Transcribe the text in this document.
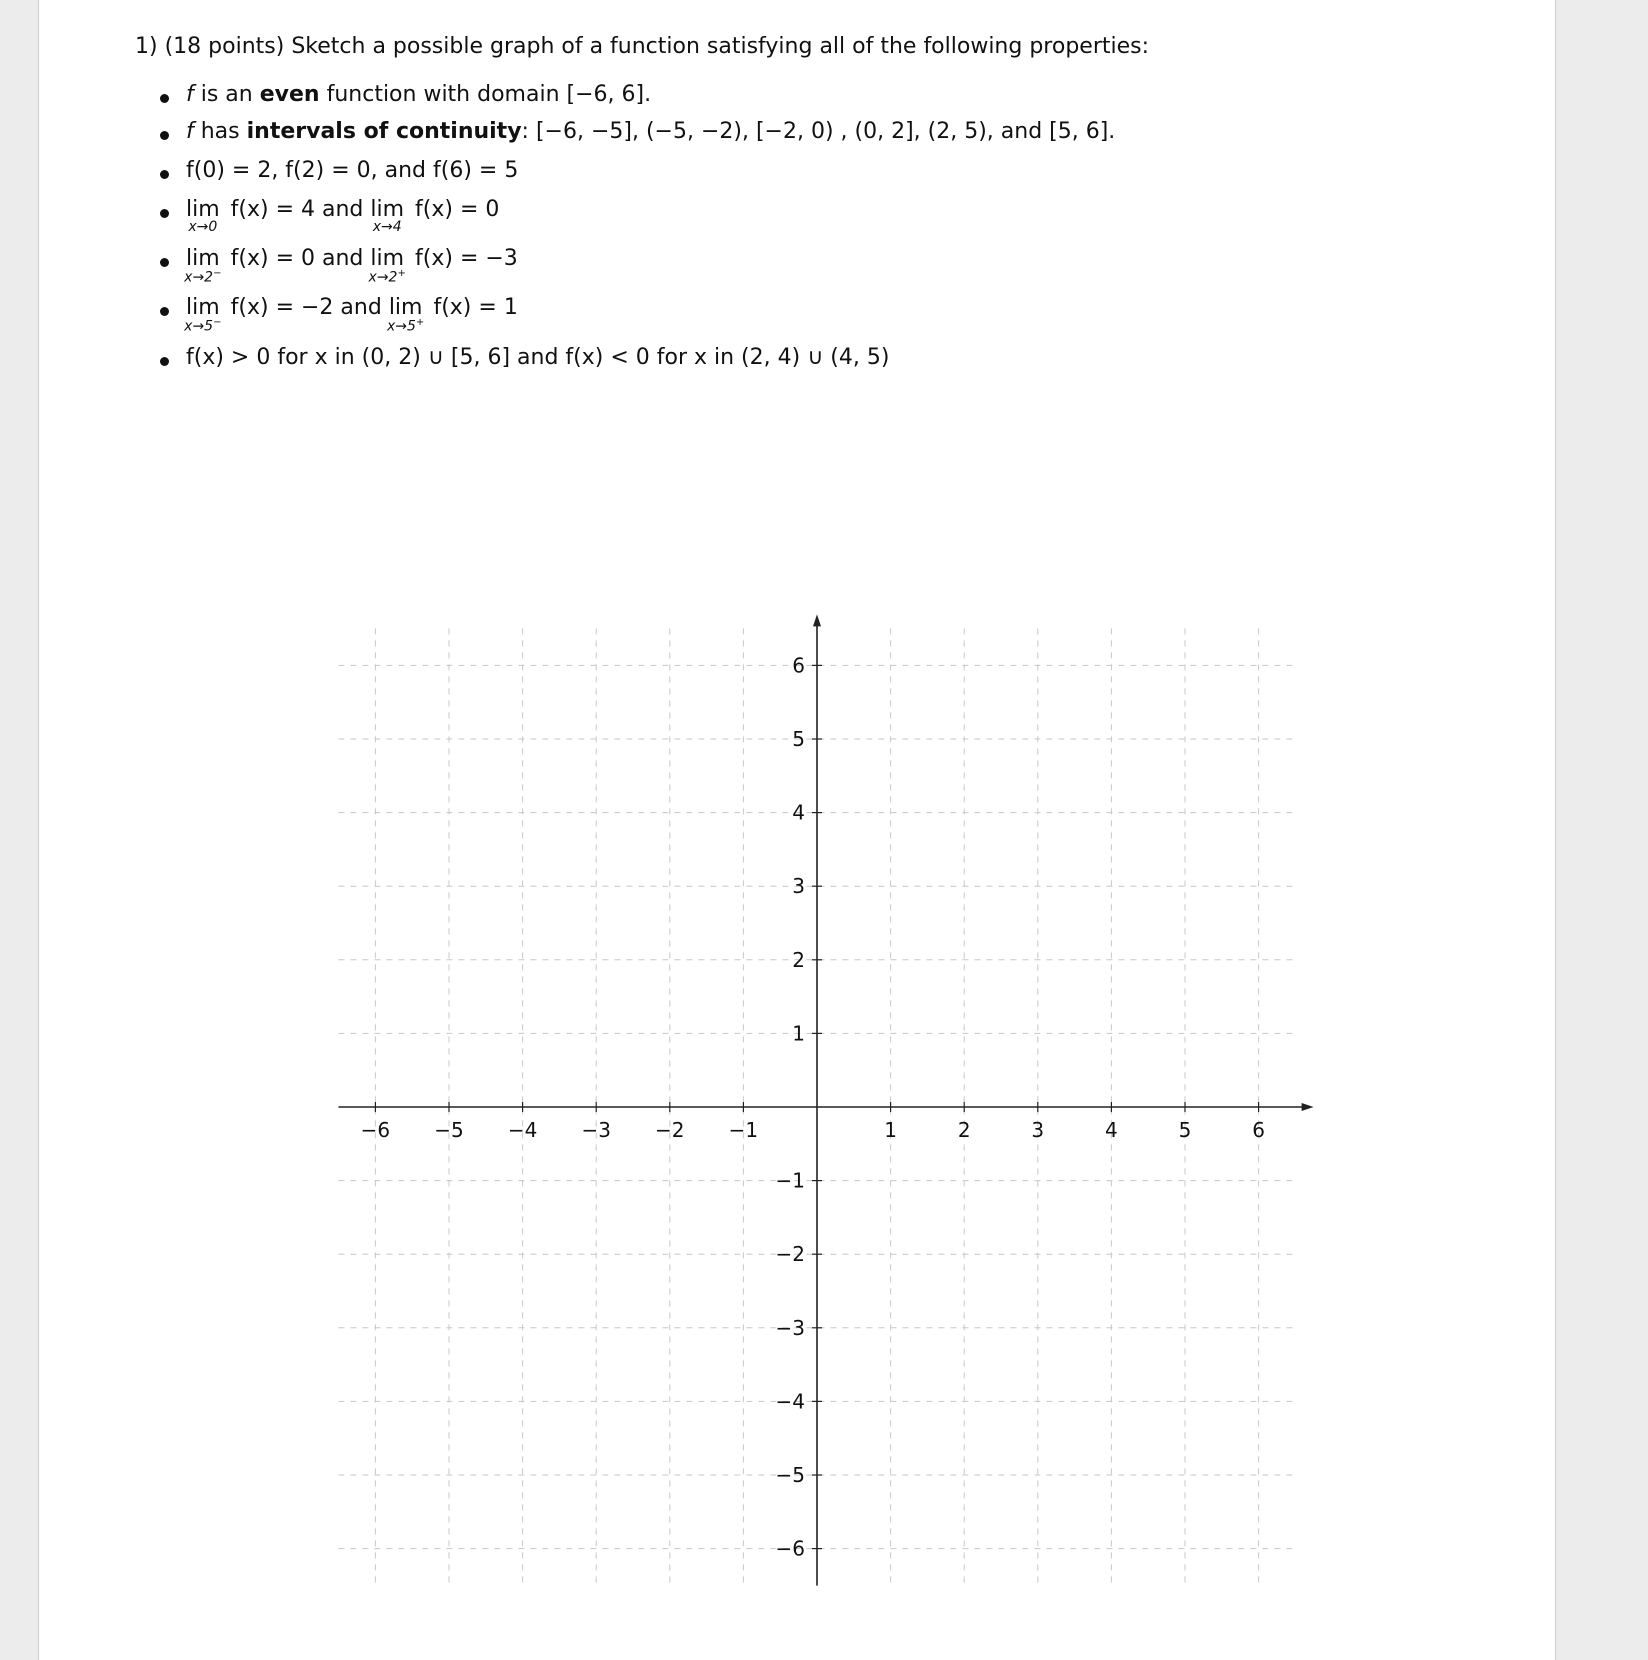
1) (18 points) Sketch a possible graph of a function satisfying all of the following properties:
f is an even function with domain [−6, 6].
f has intervals of continuity: [−6, −5], (−5, −2), [−2, 0) , (0, 2], (2, 5), and [5, 6].
f(0) = 2, f(2) = 0, and f(6) = 5
lim
x→0
f(x) = 4 and lim
x→4
f(x) = 0
lim
x→2−
f(x) = 0 and lim
x→2+
f(x) = −3
lim
x→5−
f(x) = −2 and lim
x→5+
f(x) = 1
f(x) > 0 for x in (0, 2) ∪ [5, 6] and f(x) < 0 for x in (2, 4) ∪ (4, 5)
−6 −5 −4 −3 −2 −1	1	2	3	4	5	6
6
5
4
3
2
1
−1
−2
−3
−4
−5
−6
